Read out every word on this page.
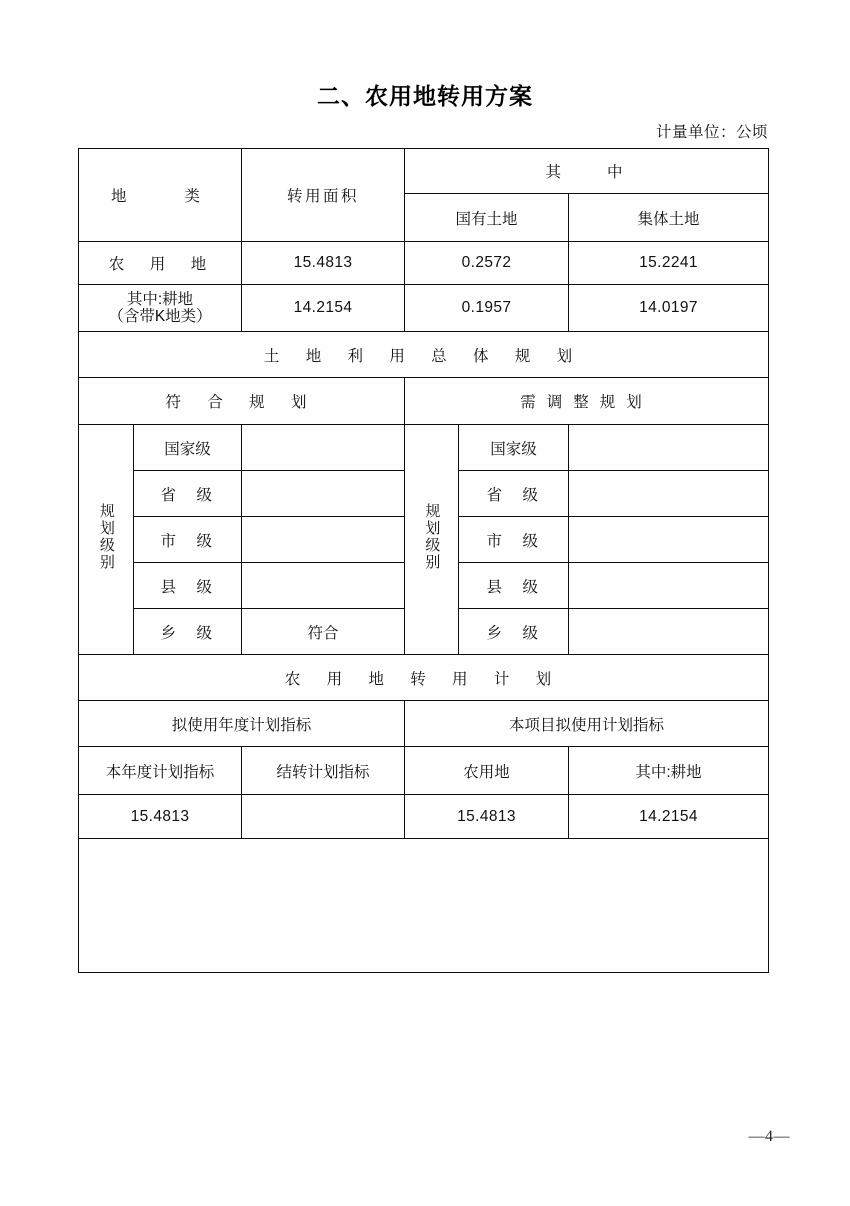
二、农用地转用方案
计量单位：公顷
地　　类		转用面积	其　　中		
			国有土地		集体土地
农　用　地		15.4813	0.2572		15.2241

其中:耕地
（含带K地类）		14.2154	0.1957		14.0197
土 地 利 用 总 体 规 划					
符 合 规 划			需调整规划		
规划级别	国家级		规划级别	国家级	
	省　级			省　级	
	市　级			市　级	
	县　级			县　级	
	乡　级	符合		乡　级	
农 用 地 转 用 计 划					
拟使用年度计划指标			本项目拟使用计划指标		
本年度计划指标		结转计划指标	农用地		其中:耕地
15.4813			15.4813		14.2154

—4—
